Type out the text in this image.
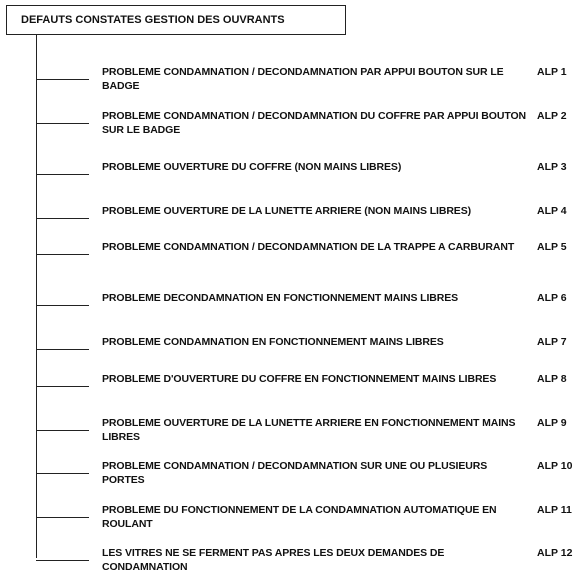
DEFAUTS CONSTATES GESTION DES OUVRANTS
PROBLEME CONDAMNATION / DECONDAMNATION PAR APPUI BOUTON SUR LE BADGE
ALP 1
PROBLEME CONDAMNATION / DECONDAMNATION DU COFFRE PAR APPUI BOUTON SUR LE BADGE
ALP 2
PROBLEME OUVERTURE DU COFFRE (NON MAINS LIBRES)	ALP 3
PROBLEME OUVERTURE DE LA LUNETTE ARRIERE (NON MAINS LIBRES)	ALP 4
PROBLEME CONDAMNATION / DECONDAMNATION DE LA TRAPPE A CARBURANT	ALP 5
PROBLEME DECONDAMNATION EN FONCTIONNEMENT MAINS LIBRES	ALP 6
PROBLEME CONDAMNATION EN FONCTIONNEMENT MAINS LIBRES	ALP 7
PROBLEME D'OUVERTURE DU COFFRE EN FONCTIONNEMENT MAINS LIBRES	ALP 8
PROBLEME OUVERTURE DE LA LUNETTE ARRIERE EN FONCTIONNEMENT MAINS LIBRES
ALP 9
PROBLEME CONDAMNATION / DECONDAMNATION SUR UNE OU PLUSIEURS PORTES
ALP 10
PROBLEME DU FONCTIONNEMENT DE LA CONDAMNATION AUTOMATIQUE EN ROULANT
ALP 11
LES VITRES NE SE FERMENT PAS APRES LES DEUX DEMANDES DE CONDAMNATION
ALP 12
